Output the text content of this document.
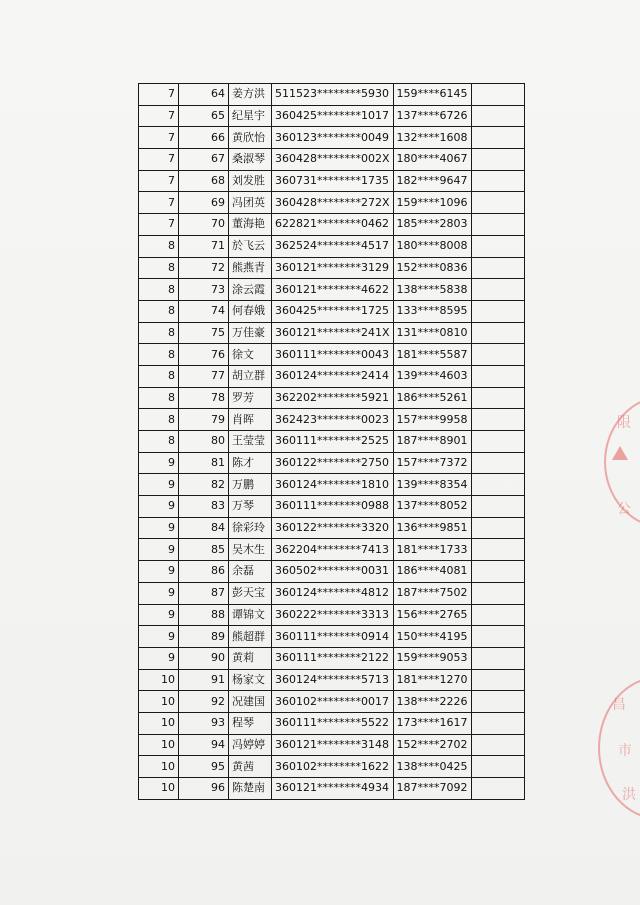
7	64	姜方洪	511523********5930	159****6145	
7	65	纪星宇	360425********1017	137****6726	
7	66	黄欣怡	360123********0049	132****1608	
7	67	桑淑琴	360428********002X	180****4067	
7	68	刘发胜	360731********1735	182****9647	
7	69	冯团英	360428********272X	159****1096	
7	70	董海艳	622821********0462	185****2803	
8	71	於飞云	362524********4517	180****8008	
8	72	熊燕青	360121********3129	152****0836	
8	73	涂云霞	360121********4622	138****5838	
8	74	何春娥	360425********1725	133****8595	
8	75	万佳豪	360121********241X	131****0810	
8	76	徐文	360111********0043	181****5587	
8	77	胡立群	360124********2414	139****4603	
8	78	罗芳	362202********5921	186****5261	
8	79	肖晖	362423********0023	157****9958	
8	80	王莹莹	360111********2525	187****8901	
9	81	陈才	360122********2750	157****7372	
9	82	万鹏	360124********1810	139****8354	
9	83	万琴	360111********0988	137****8052	
9	84	徐彩玲	360122********3320	136****9851	
9	85	吴木生	362204********7413	181****1733	
9	86	余磊	360502********0031	186****4081	
9	87	彭天宝	360124********4812	187****7502	
9	88	谭锦文	360222********3313	156****2765	
9	89	熊超群	360111********0914	150****4195	
9	90	黄莉	360111********2122	159****9053	
10	91	杨家文	360124********5713	181****1270	
10	92	况建国	360102********0017	138****2226	
10	93	程琴	360111********5522	173****1617	
10	94	冯婷婷	360121********3148	152****2702	
10	95	黄茜	360102********1622	138****0425	
10	96	陈楚南	360121********4934	187****7092	
限
公
昌
市
洪
